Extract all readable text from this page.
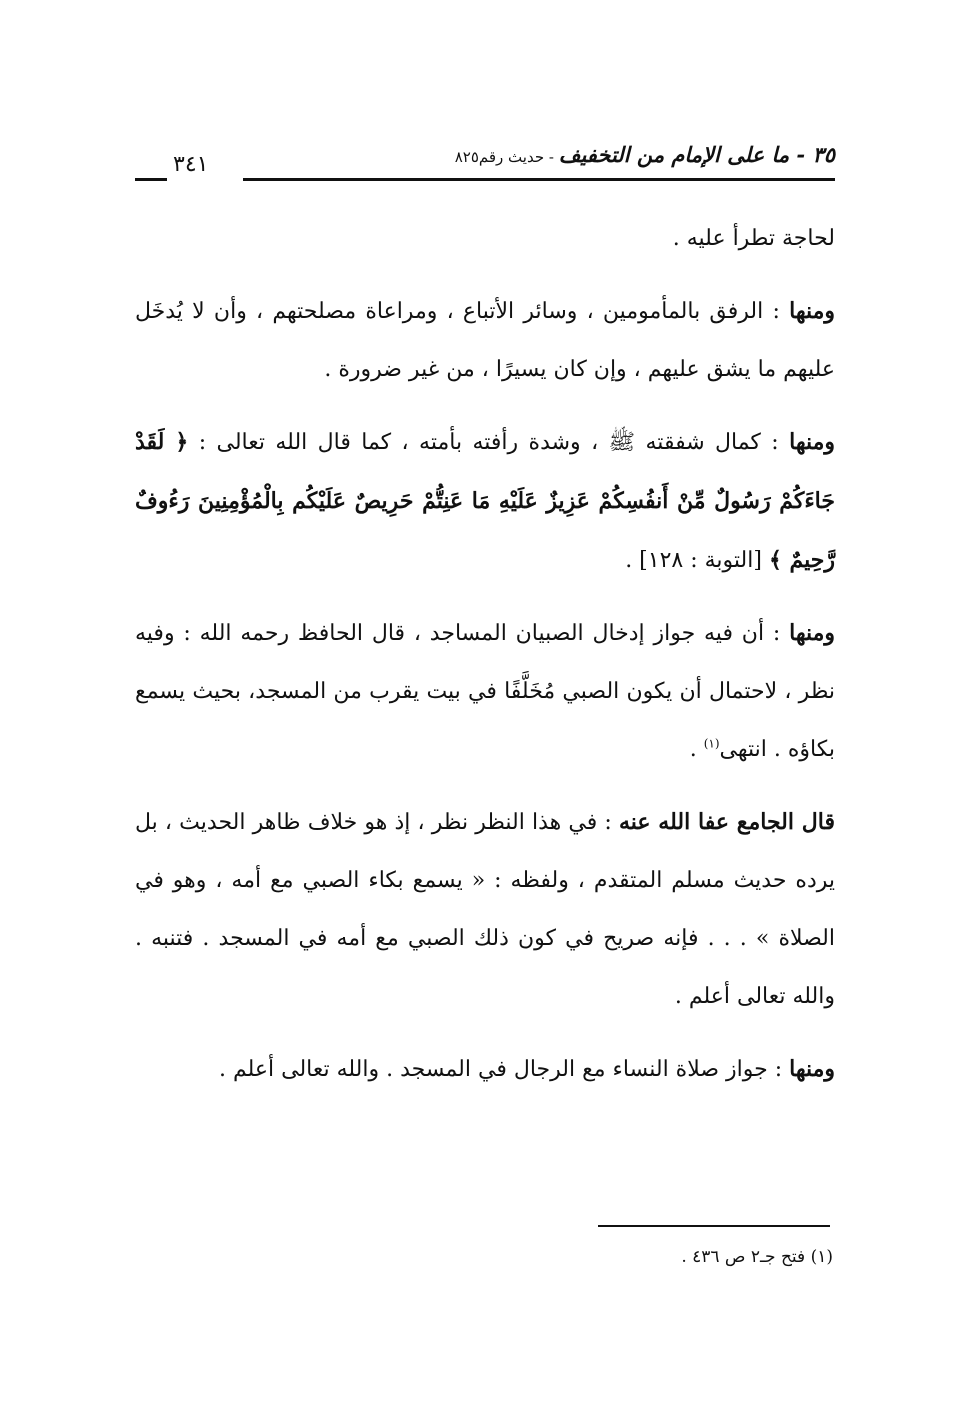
٣٥ - ما على الإمام من التخفيف - حديث رقم٨٢٥
٣٤١

لحاجة تطرأ عليه .

ومنها : الرفق بالمأمومين ، وسائر الأتباع ، ومراعاة مصلحتهم ، وأن لا يُدخَل عليهم ما يشق عليهم ، وإن كان يسيرًا ، من غير ضرورة .

ومنها : كمال شفقته ﷺ ، وشدة رأفته بأمته ، كما قال الله تعالى : ﴿ لَقَدْ جَاءَكُمْ رَسُولٌ مِّنْ أَنفُسِكُمْ عَزِيزٌ عَلَيْهِ مَا عَنِتُّمْ حَرِيصٌ عَلَيْكُم بِالْمُؤْمِنِينَ رَءُوفٌ رَّحِيمٌ ﴾ [التوبة : ١٢٨] .

ومنها : أن فيه جواز إدخال الصبيان المساجد ، قال الحافظ رحمه الله : وفيه نظر ، لاحتمال أن يكون الصبي مُخَلَّفًا في بيت يقرب من المسجد، بحيث يسمع بكاؤه . انتهى$^{(١)}$ .

قال الجامع عفا الله عنه : في هذا النظر نظر ، إذ هو خلاف ظاهر الحديث ، بل يرده حديث مسلم المتقدم ، ولفظه : « يسمع بكاء الصبي مع أمه ، وهو في الصلاة » . . . فإنه صريح في كون ذلك الصبي مع أمه في المسجد . فتنبه . والله تعالى أعلم .

ومنها : جواز صلاة النساء مع الرجال في المسجد . والله تعالى أعلم .

(١) فتح جـ٢ ص ٤٣٦ .
